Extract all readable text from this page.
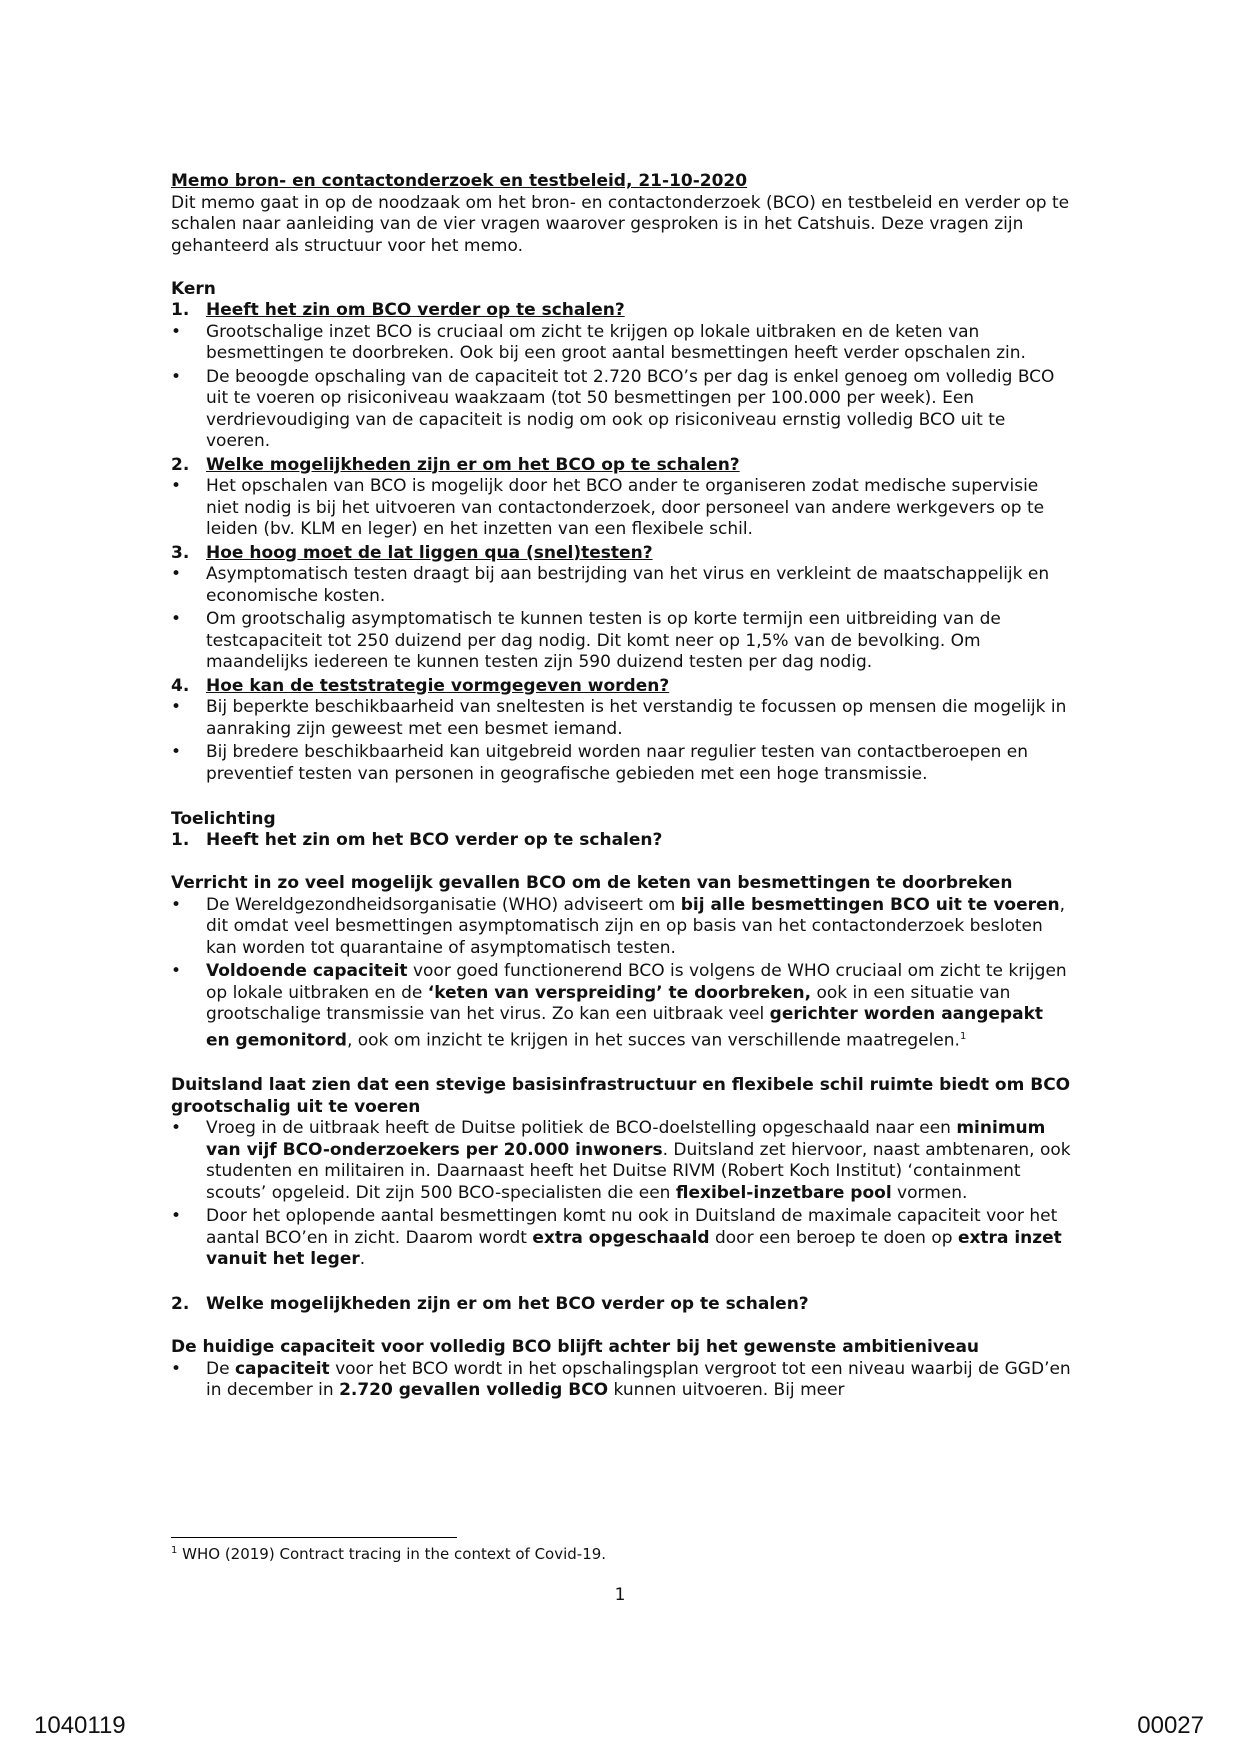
Memo bron- en contactonderzoek en testbeleid, 21-10-2020
Dit memo gaat in op de noodzaak om het bron- en contactonderzoek (BCO) en testbeleid en verder op te schalen naar aanleiding van de vier vragen waarover gesproken is in het Catshuis. Deze vragen zijn gehanteerd als structuur voor het memo.
Kern
1. Heeft het zin om BCO verder op te schalen?
• Grootschalige inzet BCO is cruciaal om zicht te krijgen op lokale uitbraken en de keten van besmettingen te doorbreken. Ook bij een groot aantal besmettingen heeft verder opschalen zin.
• De beoogde opschaling van de capaciteit tot 2.720 BCO’s per dag is enkel genoeg om volledig BCO uit te voeren op risiconiveau waakzaam (tot 50 besmettingen per 100.000 per week). Een verdrievoudiging van de capaciteit is nodig om ook op risiconiveau ernstig volledig BCO uit te voeren.
2. Welke mogelijkheden zijn er om het BCO op te schalen?
• Het opschalen van BCO is mogelijk door het BCO ander te organiseren zodat medische supervisie niet nodig is bij het uitvoeren van contactonderzoek, door personeel van andere werkgevers op te leiden (bv. KLM en leger) en het inzetten van een flexibele schil.
3. Hoe hoog moet de lat liggen qua (snel)testen?
• Asymptomatisch testen draagt bij aan bestrijding van het virus en verkleint de maatschappelijk en economische kosten.
• Om grootschalig asymptomatisch te kunnen testen is op korte termijn een uitbreiding van de testcapaciteit tot 250 duizend per dag nodig. Dit komt neer op 1,5% van de bevolking. Om maandelijks iedereen te kunnen testen zijn 590 duizend testen per dag nodig.
4. Hoe kan de teststrategie vormgegeven worden?
• Bij beperkte beschikbaarheid van sneltesten is het verstandig te focussen op mensen die mogelijk in aanraking zijn geweest met een besmet iemand.
• Bij bredere beschikbaarheid kan uitgebreid worden naar regulier testen van contactberoepen en preventief testen van personen in geografische gebieden met een hoge transmissie.
Toelichting
1. Heeft het zin om het BCO verder op te schalen?
Verricht in zo veel mogelijk gevallen BCO om de keten van besmettingen te doorbreken
• De Wereldgezondheidsorganisatie (WHO) adviseert om bij alle besmettingen BCO uit te voeren, dit omdat veel besmettingen asymptomatisch zijn en op basis van het contactonderzoek besloten kan worden tot quarantaine of asymptomatisch testen.
• Voldoende capaciteit voor goed functionerend BCO is volgens de WHO cruciaal om zicht te krijgen op lokale uitbraken en de ‘keten van verspreiding’ te doorbreken, ook in een situatie van grootschalige transmissie van het virus. Zo kan een uitbraak veel gerichter worden aangepakt en gemonitord, ook om inzicht te krijgen in het succes van verschillende maatregelen.$^1$
Duitsland laat zien dat een stevige basisinfrastructuur en flexibele schil ruimte biedt om BCO grootschalig uit te voeren
• Vroeg in de uitbraak heeft de Duitse politiek de BCO-doelstelling opgeschaald naar een minimum van vijf BCO-onderzoekers per 20.000 inwoners. Duitsland zet hiervoor, naast ambtenaren, ook studenten en militairen in. Daarnaast heeft het Duitse RIVM (Robert Koch Institut) ‘containment scouts’ opgeleid. Dit zijn 500 BCO-specialisten die een flexibel-inzetbare pool vormen.
• Door het oplopende aantal besmettingen komt nu ook in Duitsland de maximale capaciteit voor het aantal BCO’en in zicht. Daarom wordt extra opgeschaald door een beroep te doen op extra inzet vanuit het leger.
2. Welke mogelijkheden zijn er om het BCO verder op te schalen?
De huidige capaciteit voor volledig BCO blijft achter bij het gewenste ambitieniveau
• De capaciteit voor het BCO wordt in het opschalingsplan vergroot tot een niveau waarbij de GGD’en in december in 2.720 gevallen volledig BCO kunnen uitvoeren. Bij meer
$^1$ WHO (2019) Contract tracing in the context of Covid-19.
1
1040119	00027
